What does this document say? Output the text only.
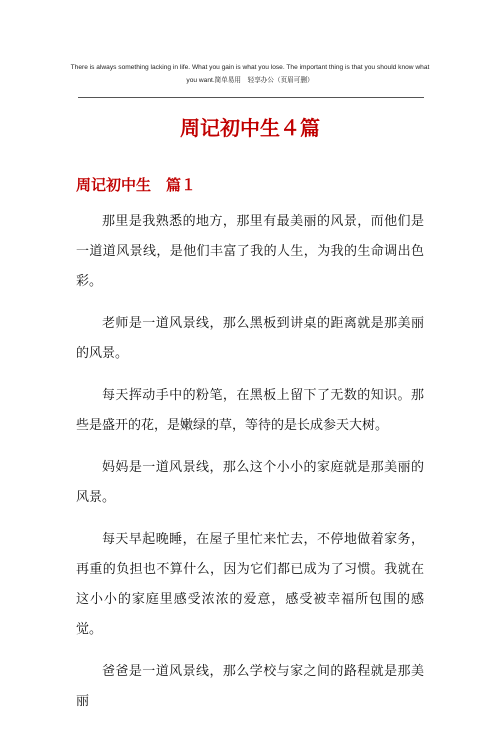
There is always something lacking in life. What you gain is what you lose. The important thing is that you should know what you want.简单易用　轻享办公（页眉可删）
周记初中生４篇
周记初中生　篇１

那里是我熟悉的地方，那里有最美丽的风景，而他们是一道道风景线，是他们丰富了我的人生，为我的生命调出色彩。

老师是一道风景线，那么黑板到讲桌的距离就是那美丽的风景。

每天挥动手中的粉笔，在黑板上留下了无数的知识。那些是盛开的花，是嫩绿的草，等待的是长成参天大树。

妈妈是一道风景线，那么这个小小的家庭就是那美丽的风景。

每天早起晚睡，在屋子里忙来忙去，不停地做着家务，再重的负担也不算什么，因为它们都已成为了习惯。我就在这小小的家庭里感受浓浓的爱意，感受被幸福所包围的感觉。

爸爸是一道风景线，那么学校与家之间的路程就是那美丽
